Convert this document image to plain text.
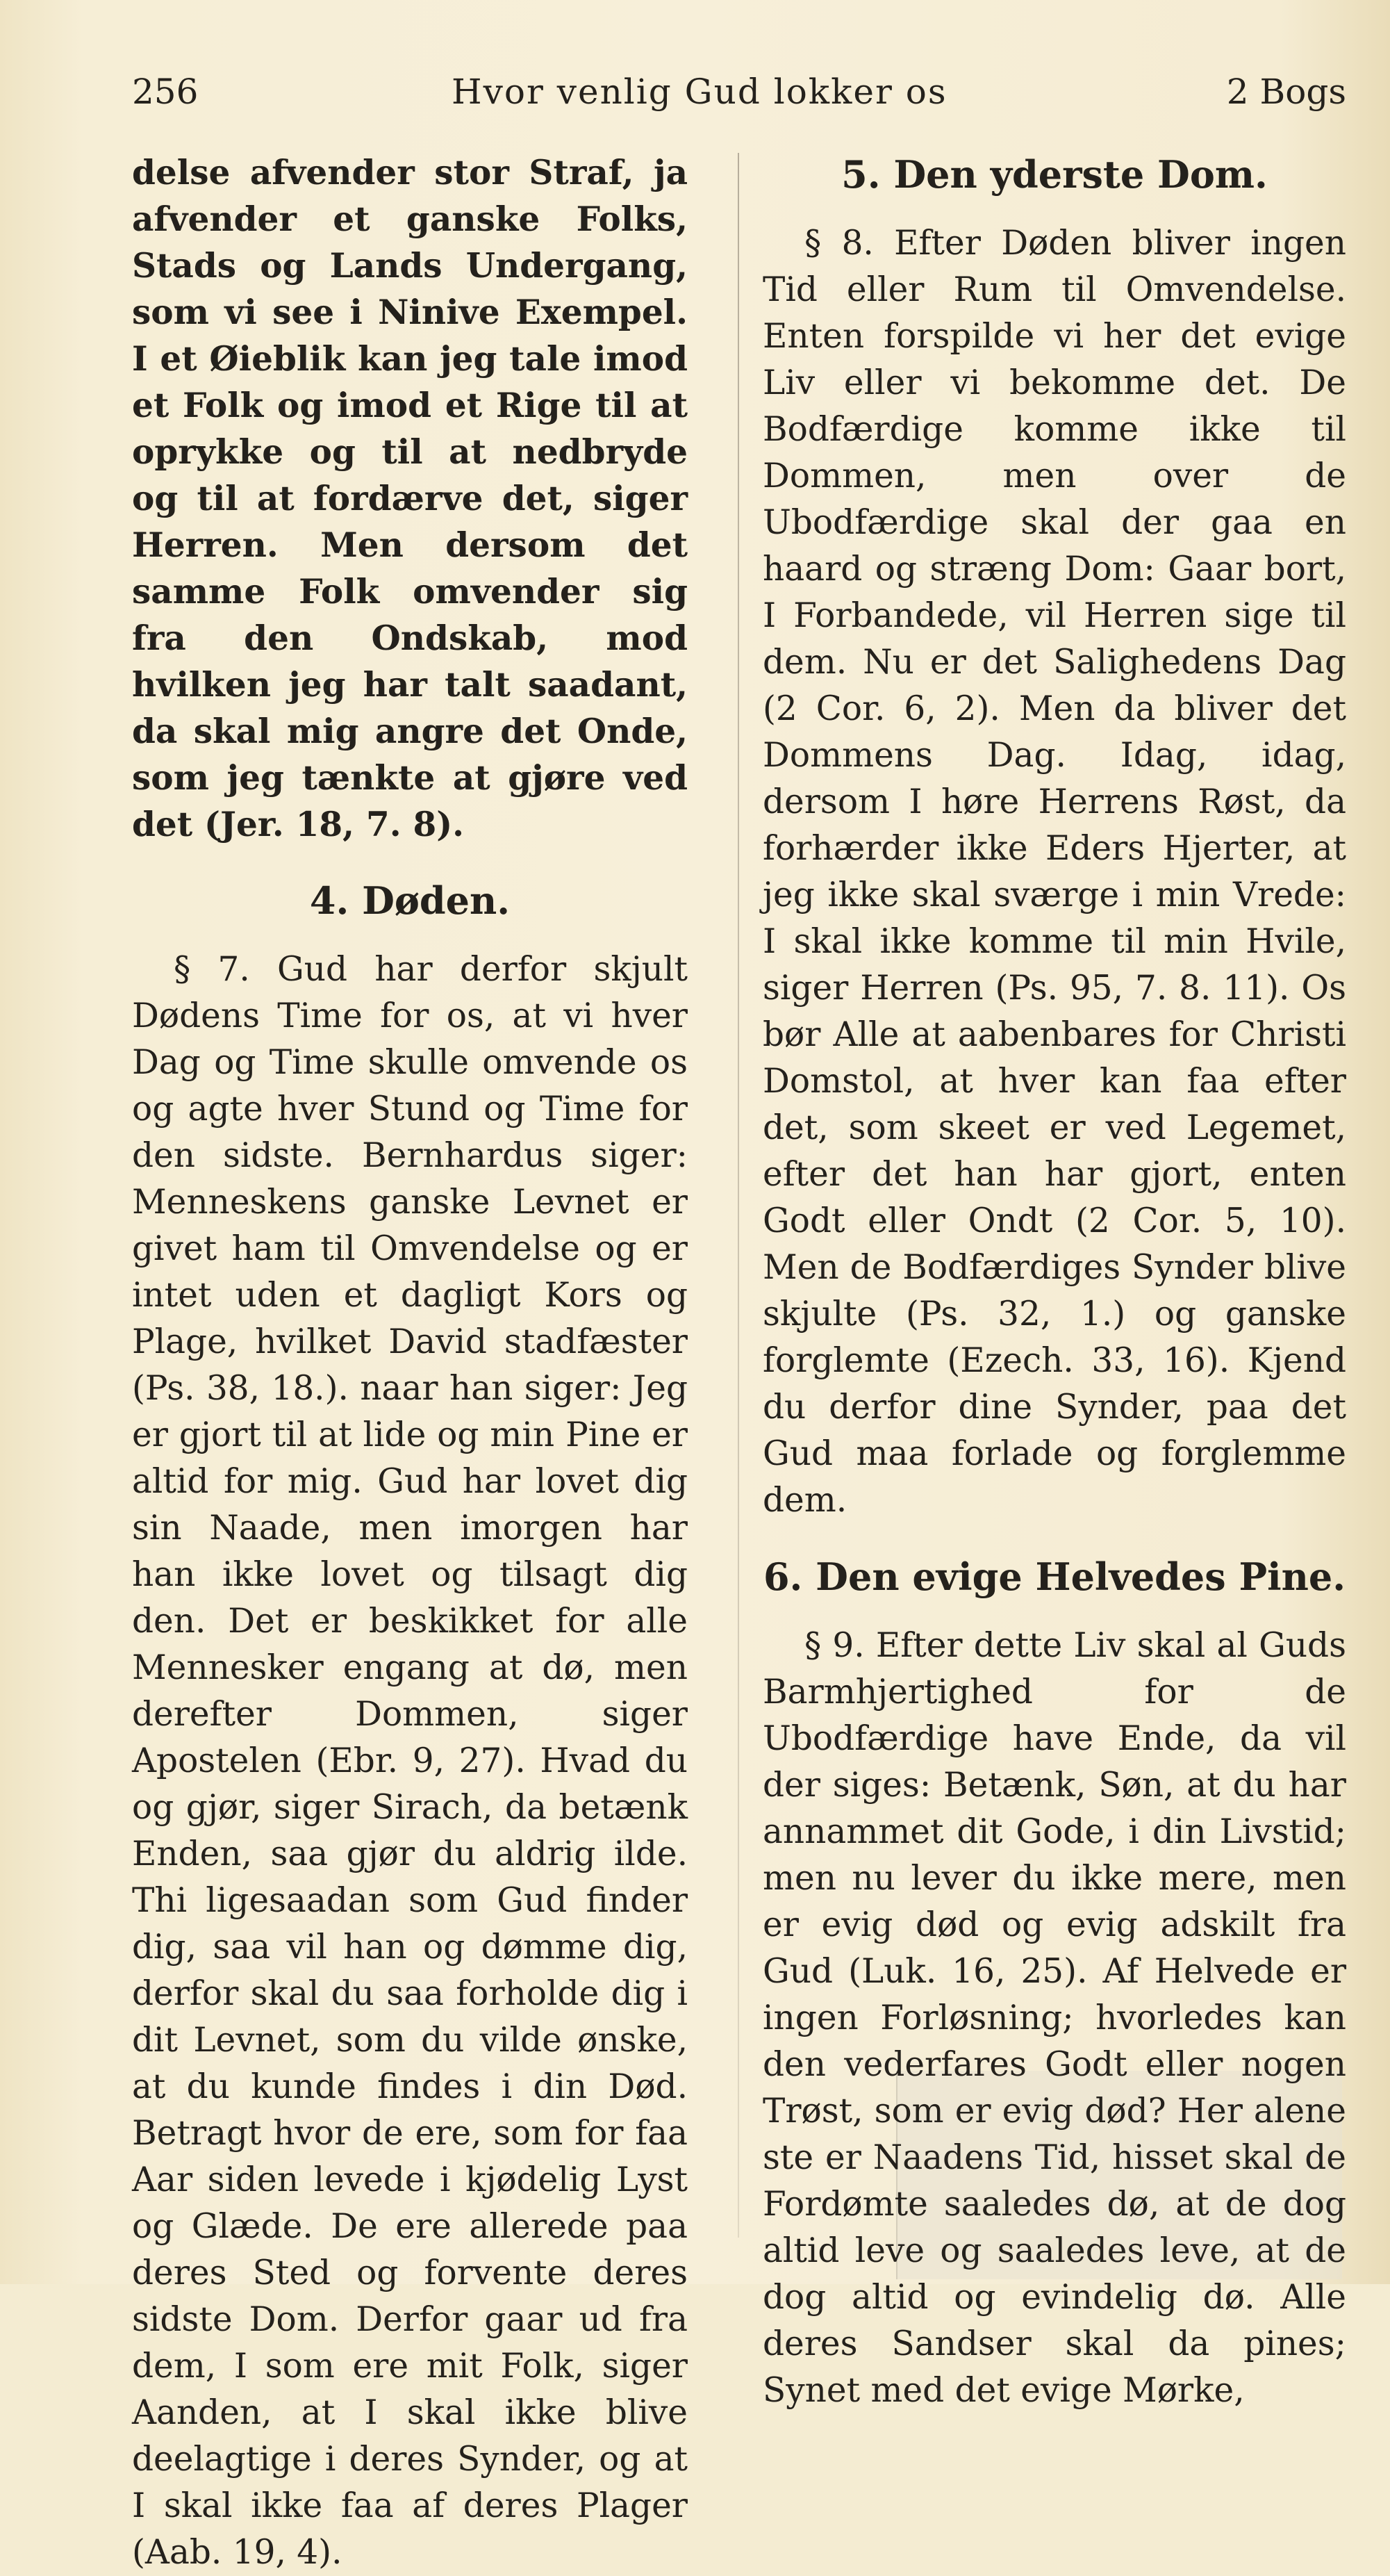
256	Hvor venlig Gud lokker os	2 Bogs

delse afvender stor Straf, ja afvender et ganske Folks, Stads og Lands Undergang, som vi see i Ninive Exempel. I et Øieblik kan jeg tale imod et Folk og imod et Rige til at oprykke og til at nedbryde og til at fordærve det, siger Herren. Men dersom det samme Folk omvender sig fra den Ondskab, mod hvilken jeg har talt saadant, da skal mig angre det Onde, som jeg tænkte at gjøre ved det (Jer. 18, 7. 8).

4. Døden.

§ 7. Gud har derfor skjult Dødens Time for os, at vi hver Dag og Time skulle omvende os og agte hver Stund og Time for den sidste. Bernhardus siger: Menneskens ganske Levnet er givet ham til Omvendelse og er intet uden et dagligt Kors og Plage, hvilket David stadfæster (Ps. 38, 18.). naar han siger: Jeg er gjort til at lide og min Pine er altid for mig. Gud har lovet dig sin Naade, men imorgen har han ikke lovet og tilsagt dig den. Det er beskikket for alle Mennesker engang at dø, men derefter Dommen, siger Apostelen (Ebr. 9, 27). Hvad du og gjør, siger Sirach, da betænk Enden, saa gjør du aldrig ilde. Thi ligesaadan som Gud finder dig, saa vil han og dømme dig, derfor skal du saa forholde dig i dit Levnet, som du vilde ønske, at du kunde findes i din Død. Betragt hvor de ere, som for faa Aar siden levede i kjødelig Lyst og Glæde. De ere allerede paa deres Sted og forvente deres sidste Dom. Derfor gaar ud fra dem, I som ere mit Folk, siger Aanden, at I skal ikke blive deelagtige i deres Synder, og at I skal ikke faa af deres Plager (Aab. 19, 4).

5. Den yderste Dom.

§ 8. Efter Døden bliver ingen Tid eller Rum til Omvendelse. Enten forspilde vi her det evige Liv eller vi bekomme det. De Bodfærdige komme ikke til Dommen, men over de Ubodfærdige skal der gaa en haard og stræng Dom: Gaar bort, I Forbandede, vil Herren sige til dem. Nu er det Salighedens Dag (2 Cor. 6, 2). Men da bliver det Dommens Dag. Idag, idag, dersom I høre Herrens Røst, da forhærder ikke Eders Hjerter, at jeg ikke skal sværge i min Vrede: I skal ikke komme til min Hvile, siger Herren (Ps. 95, 7. 8. 11). Os bør Alle at aabenbares for Christi Domstol, at hver kan faa efter det, som skeet er ved Legemet, efter det han har gjort, enten Godt eller Ondt (2 Cor. 5, 10). Men de Bodfærdiges Synder blive skjulte (Ps. 32, 1.) og ganske forglemte (Ezech. 33, 16). Kjend du derfor dine Synder, paa det Gud maa forlade og forglemme dem.

6. Den evige Helvedes Pine.

§ 9. Efter dette Liv skal al Guds Barmhjertighed for de Ubodfærdige have Ende, da vil der siges: Betænk, Søn, at du har annammet dit Gode, i din Livstid; men nu lever du ikke mere, men er evig død og evig adskilt fra Gud (Luk. 16, 25). Af Helvede er ingen Forløsning; hvorledes kan den vederfares Godt eller nogen Trøst, som er evig død? Her alene ste er Naadens Tid, hisset skal de Fordømte saaledes dø, at de dog altid leve og saaledes leve, at de dog altid og evindelig dø. Alle deres Sandser skal da pines; Synet med det evige Mørke,
